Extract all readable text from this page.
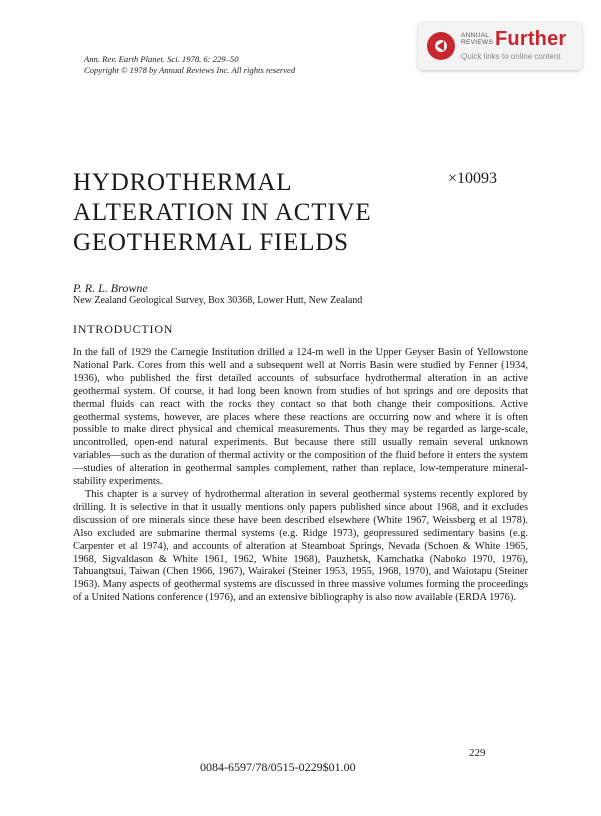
Ann. Rev. Earth Planet. Sci. 1978. 6: 229–50
Copyright © 1978 by Annual Reviews Inc. All rights reserved
ANNUAL REVIEWS Further
Quick links to online content
HYDROTHERMAL
ALTERATION IN ACTIVE
GEOTHERMAL FIELDS
×10093
P. R. L. Browne
New Zealand Geological Survey, Box 30368, Lower Hutt, New Zealand
INTRODUCTION

In the fall of 1929 the Carnegie Institution drilled a 124-m well in the Upper Geyser Basin of Yellowstone National Park. Cores from this well and a subsequent well at Norris Basin were studied by Fenner (1934, 1936), who published the first detailed accounts of subsurface hydrothermal alteration in an active geothermal system. Of course, it had long been known from studies of hot springs and ore deposits that thermal fluids can react with the rocks they contact so that both change their compositions. Active geothermal systems, however, are places where these reactions are occurring now and where it is often possible to make direct physical and chemical measurements. Thus they may be regarded as large-scale, uncontrolled, open-end natural experiments. But because there still usually remain several unknown variables—such as the duration of thermal activity or the composition of the fluid before it enters the system—studies of alteration in geothermal samples complement, rather than replace, low-temperature mineral-stability experiments.

This chapter is a survey of hydrothermal alteration in several geothermal systems recently explored by drilling. It is selective in that it usually mentions only papers published since about 1968, and it excludes discussion of ore minerals since these have been described elsewhere (White 1967, Weissberg et al 1978). Also excluded are submarine thermal systems (e.g. Ridge 1973), geopressured sedimentary basins (e.g. Carpenter et al 1974), and accounts of alteration at Steamboat Springs, Nevada (Schoen & White 1965, 1968, Sigvaldason & White 1961, 1962, White 1968), Pauzhetsk, Kamchatka (Naboko 1970, 1976), Tahuangtsui, Taiwan (Chen 1966, 1967), Wairakei (Steiner 1953, 1955, 1968, 1970), and Waiotapu (Steiner 1963). Many aspects of geothermal systems are discussed in three massive volumes forming the proceedings of a United Nations conference (1976), and an extensive bibliography is also now available (ERDA 1976).

229
0084-6597/78/0515-0229$01.00
